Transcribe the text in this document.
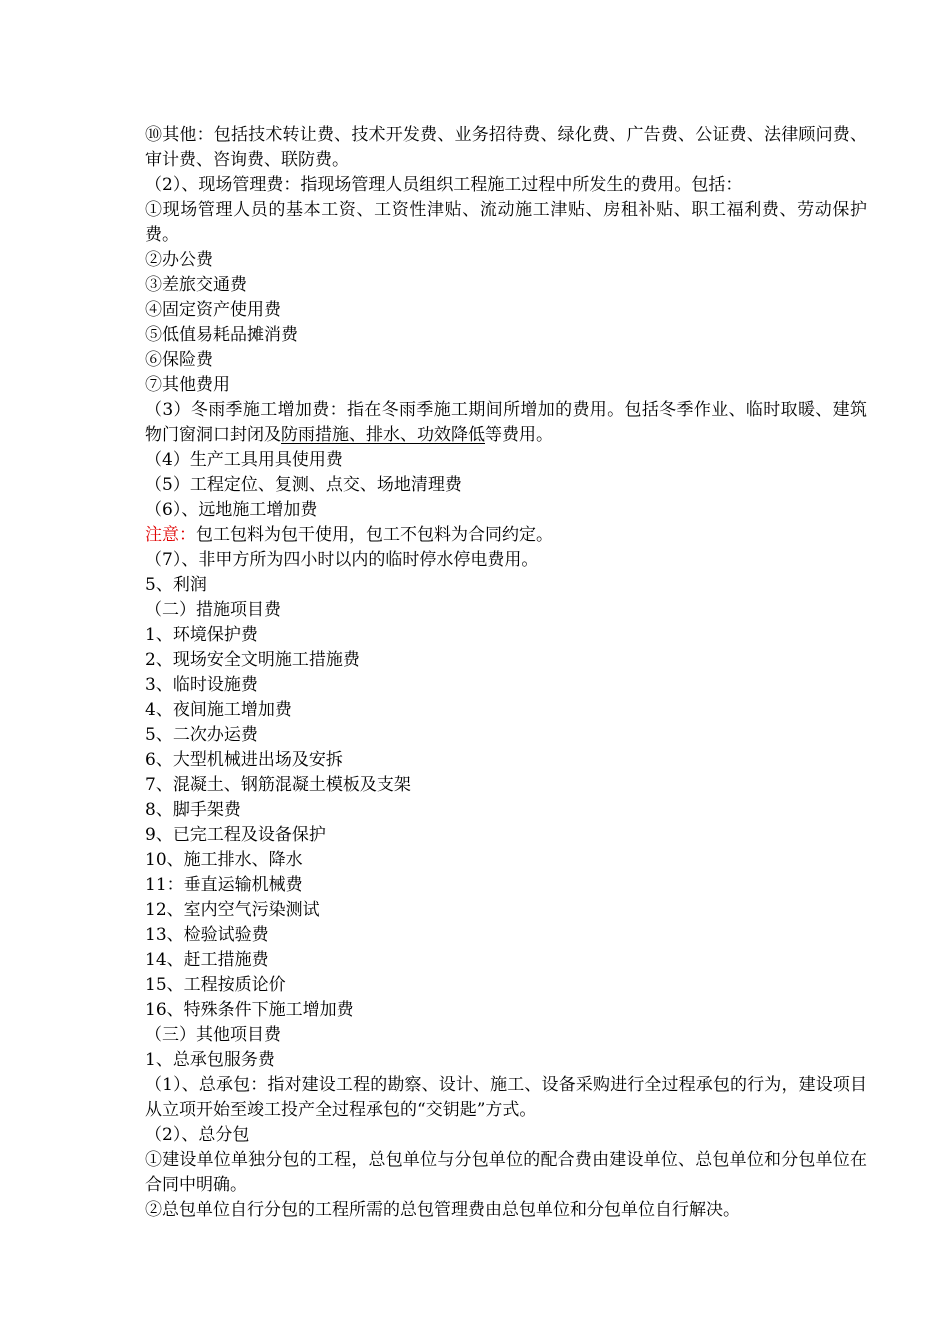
⑩其他：包括技术转让费、技术开发费、业务招待费、绿化费、广告费、公证费、法律顾问费、审计费、咨询费、联防费。
（2）、现场管理费：指现场管理人员组织工程施工过程中所发生的费用。包括：
①现场管理人员的基本工资、工资性津贴、流动施工津贴、房租补贴、职工福利费、劳动保护费。
②办公费
③差旅交通费
④固定资产使用费
⑤低值易耗品摊消费
⑥保险费
⑦其他费用
（3）冬雨季施工增加费：指在冬雨季施工期间所增加的费用。包括冬季作业、临时取暖、建筑物门窗洞口封闭及防雨措施、排水、功效降低等费用。
（4）生产工具用具使用费
（5）工程定位、复测、点交、场地清理费
（6）、远地施工增加费
注意：包工包料为包干使用，包工不包料为合同约定。
（7）、非甲方所为四小时以内的临时停水停电费用。
5、利润
（二）措施项目费
1、环境保护费
2、现场安全文明施工措施费
3、临时设施费
4、夜间施工增加费
5、二次办运费
6、大型机械进出场及安拆
7、混凝土、钢筋混凝土模板及支架
8、脚手架费
9、已完工程及设备保护
10、施工排水、降水
11：垂直运输机械费
12、室内空气污染测试
13、检验试验费
14、赶工措施费
15、工程按质论价
16、特殊条件下施工增加费
（三）其他项目费
1、总承包服务费
（1）、总承包：指对建设工程的勘察、设计、施工、设备采购进行全过程承包的行为，建设项目从立项开始至竣工投产全过程承包的“交钥匙”方式。
（2）、总分包
①建设单位单独分包的工程，总包单位与分包单位的配合费由建设单位、总包单位和分包单位在合同中明确。
②总包单位自行分包的工程所需的总包管理费由总包单位和分包单位自行解决。
